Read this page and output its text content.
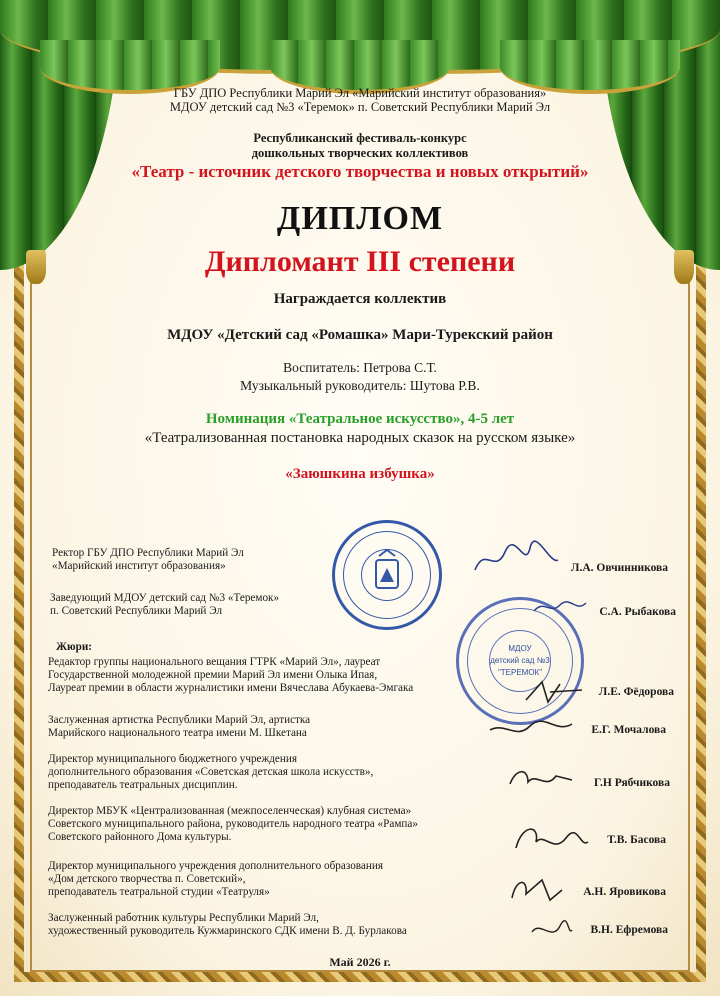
ГБУ ДПО Республики Марий Эл «Марийский институт образования»
МДОУ детский сад №3 «Теремок» п. Советский Республики Марий Эл
Республиканский фестиваль-конкурс
дошкольных творческих коллективов
«Театр - источник детского творчества и новых открытий»
ДИПЛОМ
Дипломант III степени
Награждается коллектив
МДОУ «Детский сад «Ромашка» Мари-Турекский район
Воспитатель: Петрова С.Т.
Музыкальный руководитель: Шутова Р.В.
Номинация «Театральное искусство», 4-5 лет
«Театрализованная постановка народных сказок на русском языке»
«Заюшкина избушка»
МДОУ
детский сад №3
"ТЕРЕМОК"
Ректор ГБУ ДПО Республики Марий Эл
«Марийский институт образования»	Л.А. Овчинникова
Заведующий МДОУ детский сад №3 «Теремок»
п. Советский Республики Марий Эл	С.А. Рыбакова
Жюри:
Редактор группы национального вещания ГТРК «Марий Эл», лауреат
Государственной молодежной премии Марий Эл имени Олыка Ипая,
Лауреат премии в области журналистики имени Вячеслава Абукаева-Эмгака	Л.Е. Фёдорова
Заслуженная артистка Республики Марий Эл, артистка
Марийского национального театра имени М. Шкетана	Е.Г. Мочалова
Директор муниципального бюджетного учреждения
дополнительного образования «Советская детская школа искусств»,
преподаватель театральных дисциплин.	Г.Н Рябчикова
Директор МБУК «Централизованная (межпоселенческая) клубная система»
Советского муниципального района, руководитель народного театра «Рампа»
Советского районного Дома культуры.	Т.В. Басова
Директор муниципального учреждения дополнительного образования
«Дом детского творчества п. Советский»,
преподаватель театральной студии «Театруля»	А.Н. Яровикова
Заслуженный работник культуры Республики Марий Эл,
художественный руководитель Кужмаринского СДК имени В. Д. Бурлакова	В.Н. Ефремова
Май 2026 г.
